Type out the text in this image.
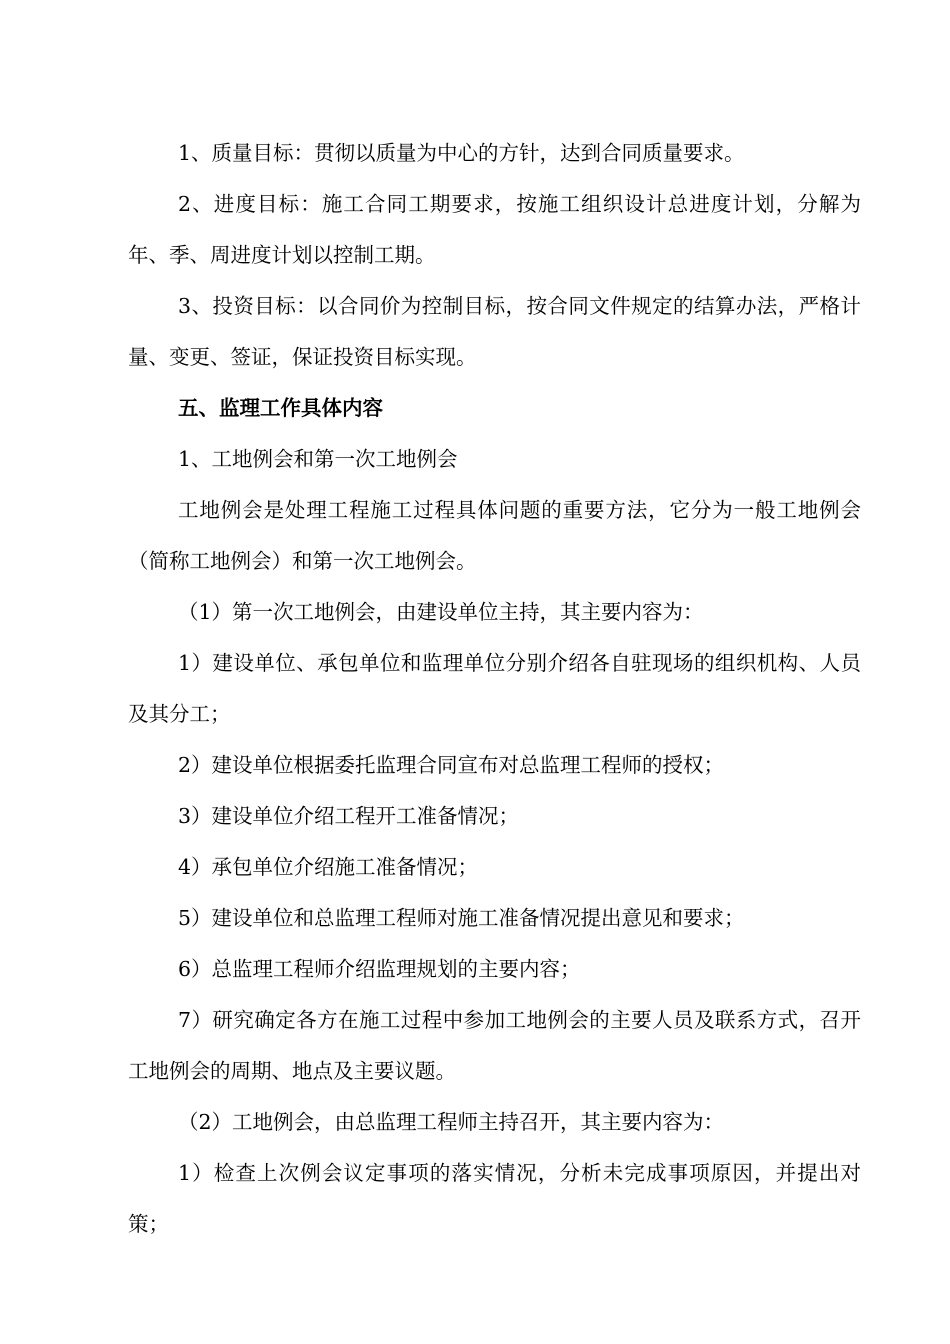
1、质量目标：贯彻以质量为中心的方针，达到合同质量要求。

2、进度目标：施工合同工期要求，按施工组织设计总进度计划，分解为年、季、周进度计划以控制工期。

3、投资目标：以合同价为控制目标，按合同文件规定的结算办法，严格计量、变更、签证，保证投资目标实现。

五、监理工作具体内容

1、工地例会和第一次工地例会

工地例会是处理工程施工过程具体问题的重要方法，它分为一般工地例会（简称工地例会）和第一次工地例会。

（1）第一次工地例会，由建设单位主持，其主要内容为：

1）建设单位、承包单位和监理单位分别介绍各自驻现场的组织机构、人员及其分工；

2）建设单位根据委托监理合同宣布对总监理工程师的授权；

3）建设单位介绍工程开工准备情况；

4）承包单位介绍施工准备情况；

5）建设单位和总监理工程师对施工准备情况提出意见和要求；

6）总监理工程师介绍监理规划的主要内容；

7）研究确定各方在施工过程中参加工地例会的主要人员及联系方式，召开工地例会的周期、地点及主要议题。

（2）工地例会，由总监理工程师主持召开，其主要内容为：

1）检查上次例会议定事项的落实情况，分析未完成事项原因，并提出对策；
